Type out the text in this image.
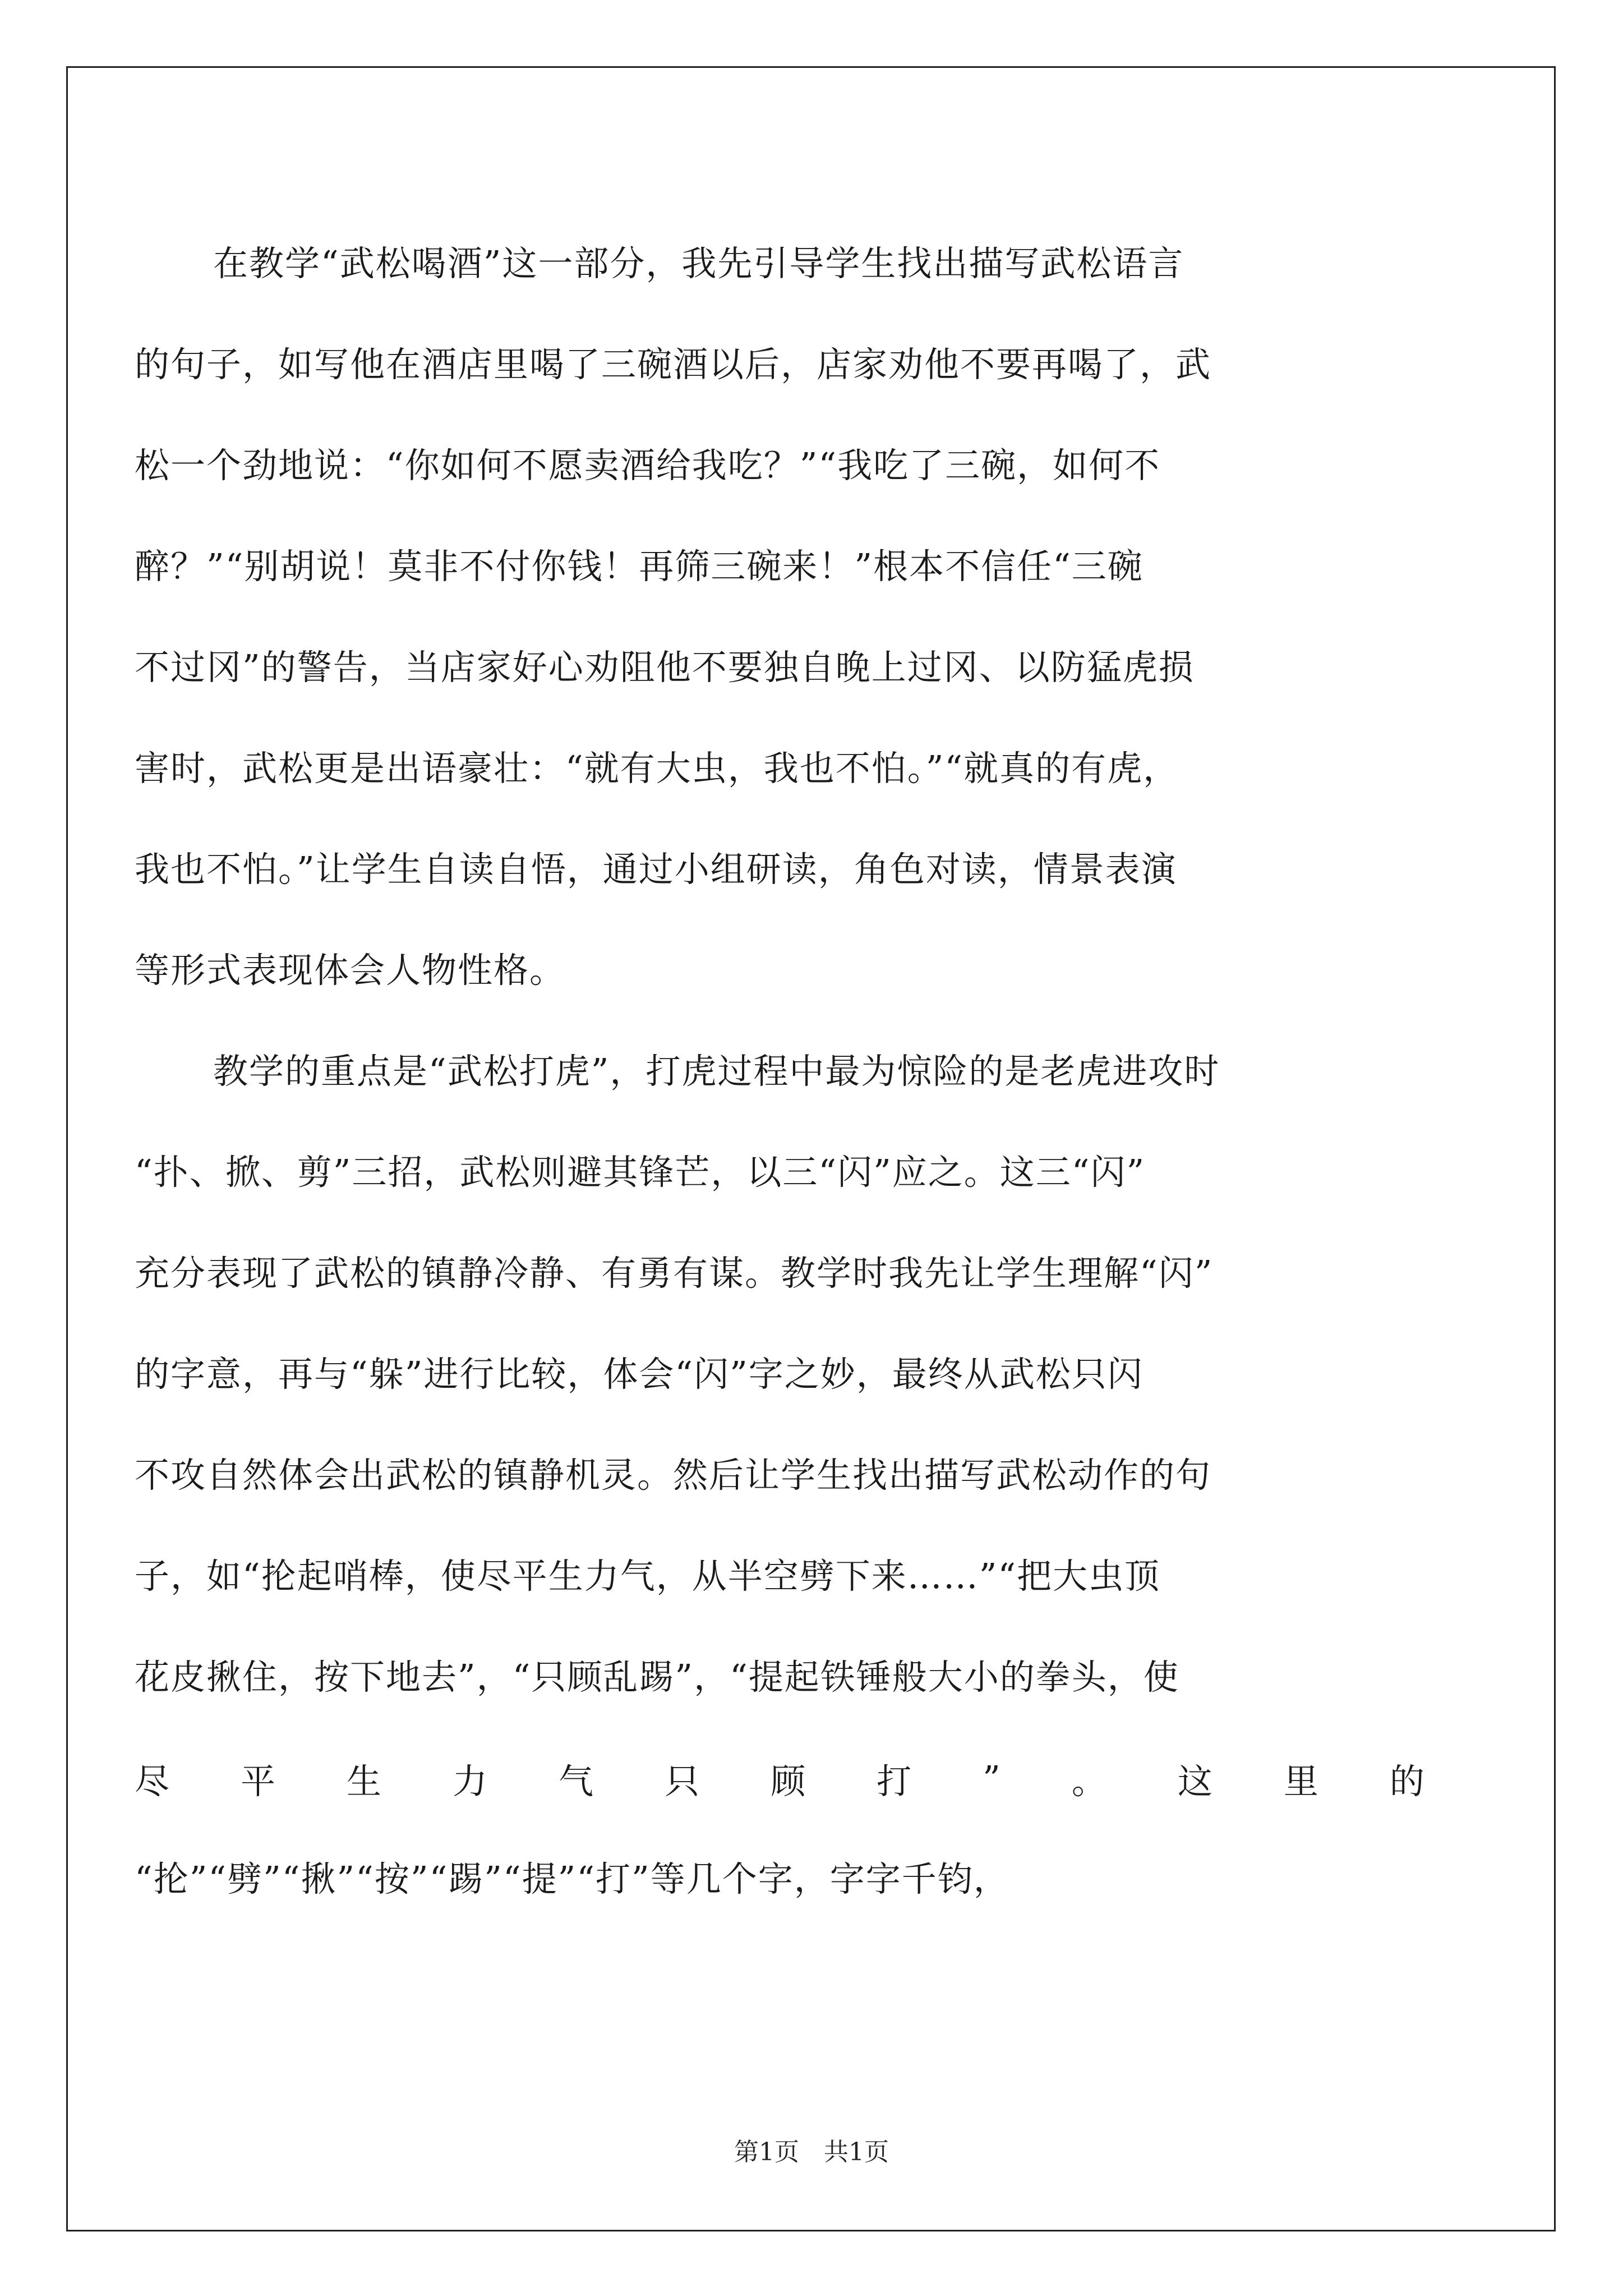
在教学“武松喝酒”这一部分，我先引导学生找出描写武松语言
的句子，如写他在酒店里喝了三碗酒以后，店家劝他不要再喝了，武
松一个劲地说：“你如何不愿卖酒给我吃？”“我吃了三碗，如何不
醉？”“别胡说！莫非不付你钱！再筛三碗来！”根本不信任“三碗
不过冈”的警告，当店家好心劝阻他不要独自晚上过冈、以防猛虎损
害时，武松更是出语豪壮：“就有大虫，我也不怕。”“就真的有虎，
我也不怕。”让学生自读自悟，通过小组研读，角色对读，情景表演
等形式表现体会人物性格。
教学的重点是“武松打虎”，打虎过程中最为惊险的是老虎进攻时
“扑、掀、剪”三招，武松则避其锋芒，以三“闪”应之。这三“闪”
充分表现了武松的镇静冷静、有勇有谋。教学时我先让学生理解“闪”
的字意，再与“躲”进行比较，体会“闪”字之妙，最终从武松只闪
不攻自然体会出武松的镇静机灵。然后让学生找出描写武松动作的句
子，如“抡起哨棒，使尽平生力气，从半空劈下来……”“把大虫顶
花皮揪住，按下地去”，“只顾乱踢”，“提起铁锤般大小的拳头，使
尽 平 生 力 气 只 顾 打 ” 。 这 里 的
“抡”“劈”“揪”“按”“踢”“提”“打”等几个字，字字千钧，
第1页　共1页
